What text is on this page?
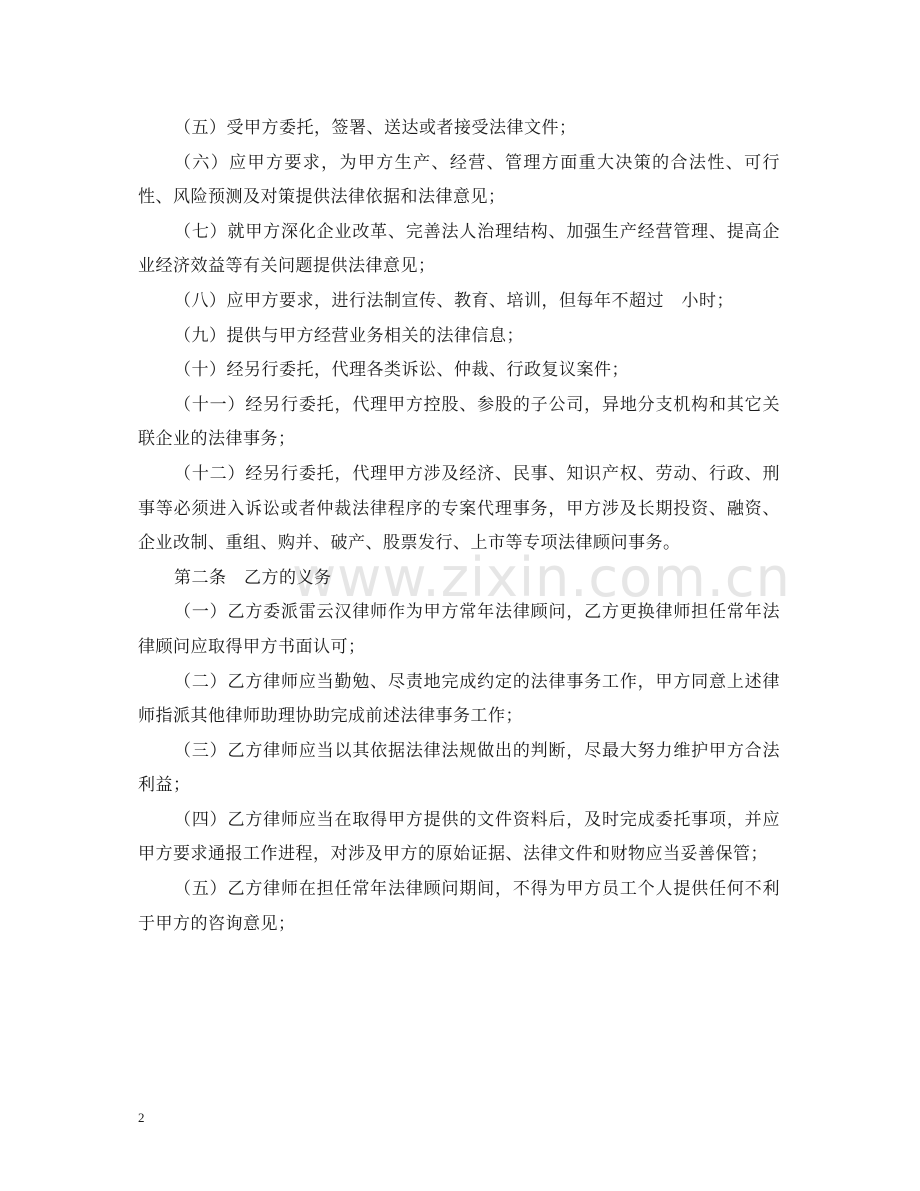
www.zixin.com.cn

（五）受甲方委托，签署、送达或者接受法律文件；

（六）应甲方要求，为甲方生产、经营、管理方面重大决策的合法性、可行性、风险预测及对策提供法律依据和法律意见；

（七）就甲方深化企业改革、完善法人治理结构、加强生产经营管理、提高企业经济效益等有关问题提供法律意见；

（八）应甲方要求，进行法制宣传、教育、培训，但每年不超过　小时；

（九）提供与甲方经营业务相关的法律信息；

（十）经另行委托，代理各类诉讼、仲裁、行政复议案件；

（十一）经另行委托，代理甲方控股、参股的子公司，异地分支机构和其它关联企业的法律事务；

（十二）经另行委托，代理甲方涉及经济、民事、知识产权、劳动、行政、刑事等必须进入诉讼或者仲裁法律程序的专案代理事务，甲方涉及长期投资、融资、企业改制、重组、购并、破产、股票发行、上市等专项法律顾问事务。

第二条　乙方的义务

（一）乙方委派雷云汉律师作为甲方常年法律顾问，乙方更换律师担任常年法律顾问应取得甲方书面认可；

（二）乙方律师应当勤勉、尽责地完成约定的法律事务工作，甲方同意上述律师指派其他律师助理协助完成前述法律事务工作；

（三）乙方律师应当以其依据法律法规做出的判断，尽最大努力维护甲方合法利益；

（四）乙方律师应当在取得甲方提供的文件资料后，及时完成委托事项，并应甲方要求通报工作进程，对涉及甲方的原始证据、法律文件和财物应当妥善保管；

（五）乙方律师在担任常年法律顾问期间，不得为甲方员工个人提供任何不利于甲方的咨询意见；

2
